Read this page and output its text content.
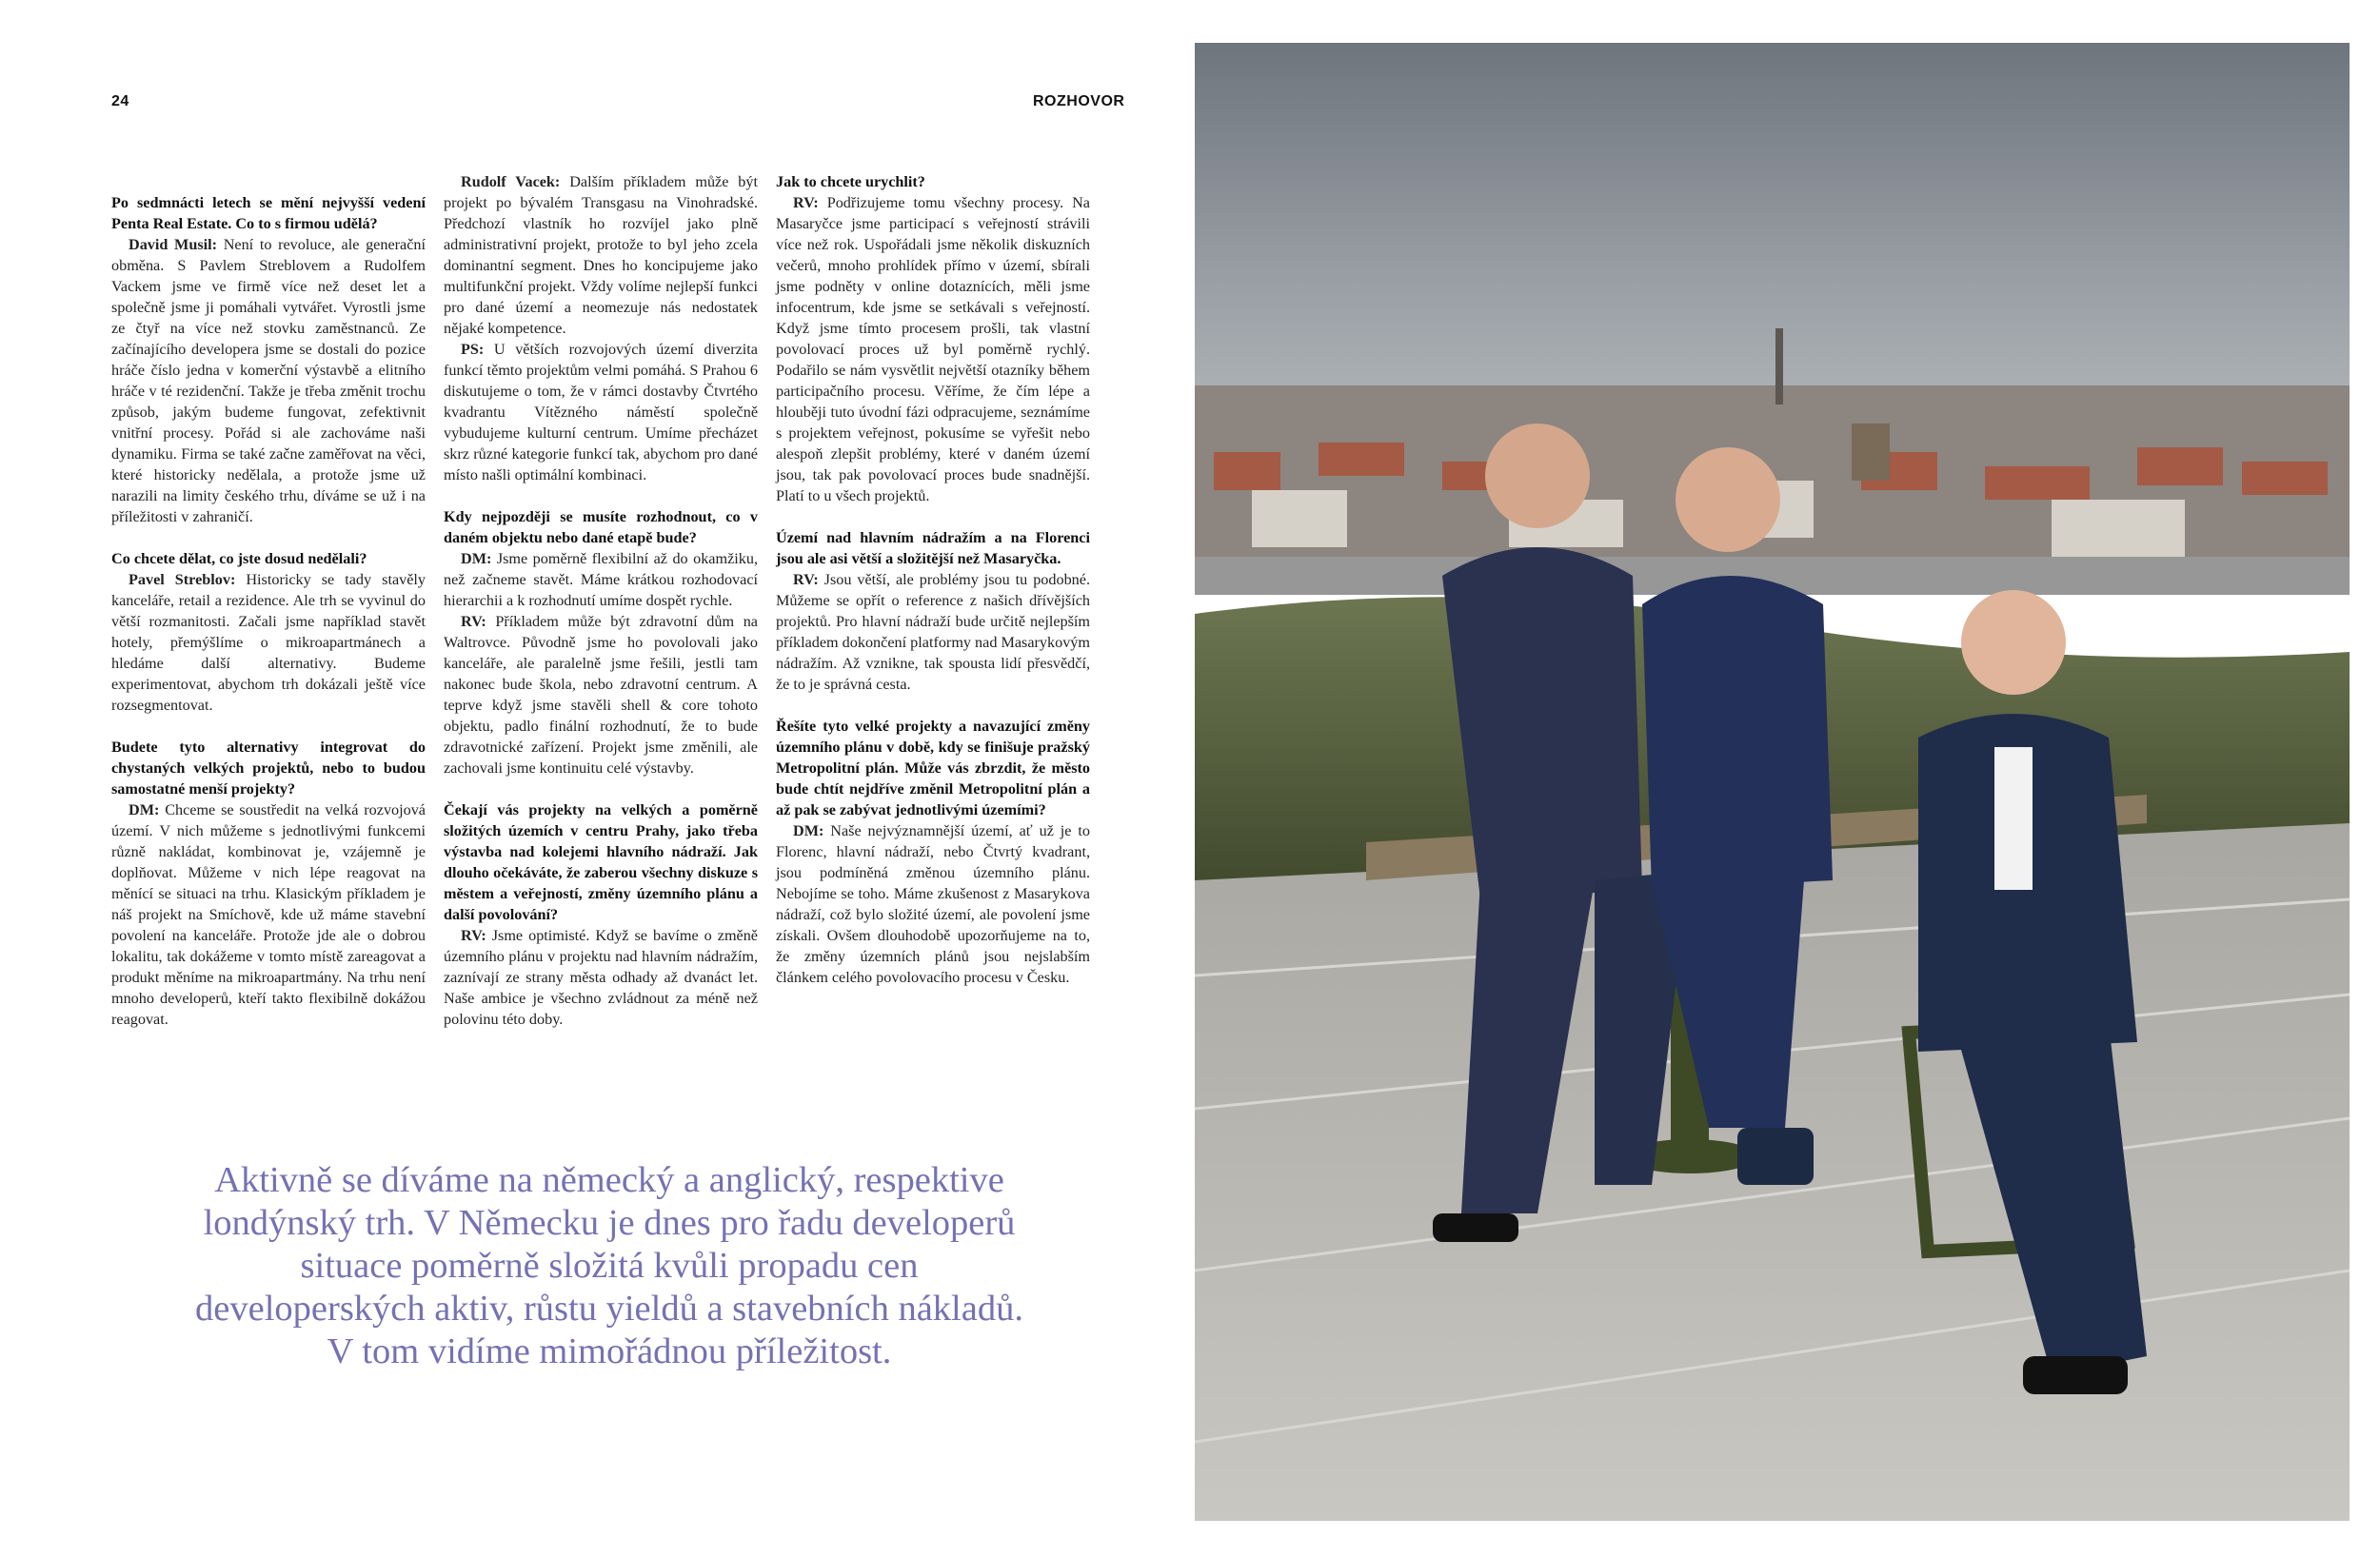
24	ROZHOVOR

Po sedmnácti letech se mění nejvyšší vedení Penta Real Estate. Co to s firmou udělá?

David Musil: Není to revoluce, ale generační obměna. S Pavlem Streblovem a Rudolfem Vackem jsme ve firmě více než deset let a společně jsme ji pomáhali vytvářet. Vyrostli jsme ze čtyř na více než stovku zaměstnanců. Ze začínajícího developera jsme se dostali do pozice hráče číslo jedna v komerční výstavbě a elitního hráče v té rezidenční. Takže je třeba změnit trochu způsob, jakým budeme fungovat, zefektivnit vnitřní procesy. Pořád si ale zachováme naši dynamiku. Firma se také začne zaměřovat na věci, které historicky nedělala, a protože jsme už narazili na limity českého trhu, díváme se už i na příležitosti v zahraničí.

Co chcete dělat, co jste dosud nedělali?

Pavel Streblov: Historicky se tady stavěly kanceláře, retail a rezidence. Ale trh se vyvinul do větší rozmanitosti. Začali jsme například stavět hotely, přemýšlíme o mikroapartmánech a hledáme další alternativy. Budeme experimentovat, abychom trh dokázali ještě více rozsegmentovat.

Budete tyto alternativy integrovat do chystaných velkých projektů, nebo to budou samostatné menší projekty?

DM: Chceme se soustředit na velká rozvojová území. V nich můžeme s jednotlivými funkcemi různě nakládat, kombinovat je, vzájemně je doplňovat. Můžeme v nich lépe reagovat na měnící se situaci na trhu. Klasickým příkladem je náš projekt na Smíchově, kde už máme stavební povolení na kanceláře. Protože jde ale o dobrou lokalitu, tak dokážeme v tomto místě zareagovat a produkt měníme na mikroapartmány. Na trhu není mnoho developerů, kteří takto flexibilně dokážou reagovat.

Rudolf Vacek: Dalším příkladem může být projekt po bývalém Transgasu na Vinohradské. Předchozí vlastník ho rozvíjel jako plně administrativní projekt, protože to byl jeho zcela dominantní segment. Dnes ho koncipujeme jako multifunkční projekt. Vždy volíme nejlepší funkci pro dané území a neomezuje nás nedostatek nějaké kompetence.

PS: U větších rozvojových území diverzita funkcí těmto projektům velmi pomáhá. S Prahou 6 diskutujeme o tom, že v rámci dostavby Čtvrtého kvadrantu Vítězného náměstí společně vybudujeme kulturní centrum. Umíme přecházet skrz různé kategorie funkcí tak, abychom pro dané místo našli optimální kombinaci.

Kdy nejpozději se musíte rozhodnout, co v daném objektu nebo dané etapě bude?

DM: Jsme poměrně flexibilní až do okamžiku, než začneme stavět. Máme krátkou rozhodovací hierarchii a k rozhodnutí umíme dospět rychle.

RV: Příkladem může být zdravotní dům na Waltrovce. Původně jsme ho povolovali jako kanceláře, ale paralelně jsme řešili, jestli tam nakonec bude škola, nebo zdravotní centrum. A teprve když jsme stavěli shell & core tohoto objektu, padlo finální rozhodnutí, že to bude zdravotnické zařízení. Projekt jsme změnili, ale zachovali jsme kontinuitu celé výstavby.

Čekají vás projekty na velkých a poměrně složitých územích v centru Prahy, jako třeba výstavba nad kolejemi hlavního nádraží. Jak dlouho očekáváte, že zaberou všechny diskuze s městem a veřejností, změny územního plánu a další povolování?

RV: Jsme optimisté. Když se bavíme o změně územního plánu v projektu nad hlavním nádražím, zaznívají ze strany města odhady až dvanáct let. Naše ambice je všechno zvládnout za méně než polovinu této doby.

Jak to chcete urychlit?

RV: Podřizujeme tomu všechny procesy. Na Masaryčce jsme participací s veřejností strávili více než rok. Uspořádali jsme několik diskuzních večerů, mnoho prohlídek přímo v území, sbírali jsme podněty v online dotaznících, měli jsme infocentrum, kde jsme se setkávali s veřejností. Když jsme tímto procesem prošli, tak vlastní povolovací proces už byl poměrně rychlý. Podařilo se nám vysvětlit největší otazníky během participačního procesu. Věříme, že čím lépe a hlouběji tuto úvodní fázi odpracujeme, seznámíme s projektem veřejnost, pokusíme se vyřešit nebo alespoň zlepšit problémy, které v daném území jsou, tak pak povolovací proces bude snadnější. Platí to u všech projektů.

Území nad hlavním nádražím a na Florenci jsou ale asi větší a složitější než Masaryčka.

RV: Jsou větší, ale problémy jsou tu podobné. Můžeme se opřít o reference z našich dřívějších projektů. Pro hlavní nádraží bude určitě nejlepším příkladem dokončení platformy nad Masarykovým nádražím. Až vznikne, tak spousta lidí přesvědčí, že to je správná cesta.

Řešíte tyto velké projekty a navazující změny územního plánu v době, kdy se finišuje pražský Metropolitní plán. Může vás zbrzdit, že město bude chtít nejdříve změnil Metropolitní plán a až pak se zabývat jednotlivými územími?

DM: Naše nejvýznamnější území, ať už je to Florenc, hlavní nádraží, nebo Čtvrtý kvadrant, jsou podmíněná změnou územního plánu. Nebojíme se toho. Máme zkušenost z Masarykova nádraží, což bylo složité území, ale povolení jsme získali. Ovšem dlouhodobě upozorňujeme na to, že změny územních plánů jsou nejslabším článkem celého povolovacího procesu v Česku.

Aktivně se díváme na německý a anglický, respektive londýnský trh. V Německu je dnes pro řadu developerů situace poměrně složitá kvůli propadu cen developerských aktiv, růstu yieldů a stavebních nákladů. V tom vidíme mimořádnou příležitost.
